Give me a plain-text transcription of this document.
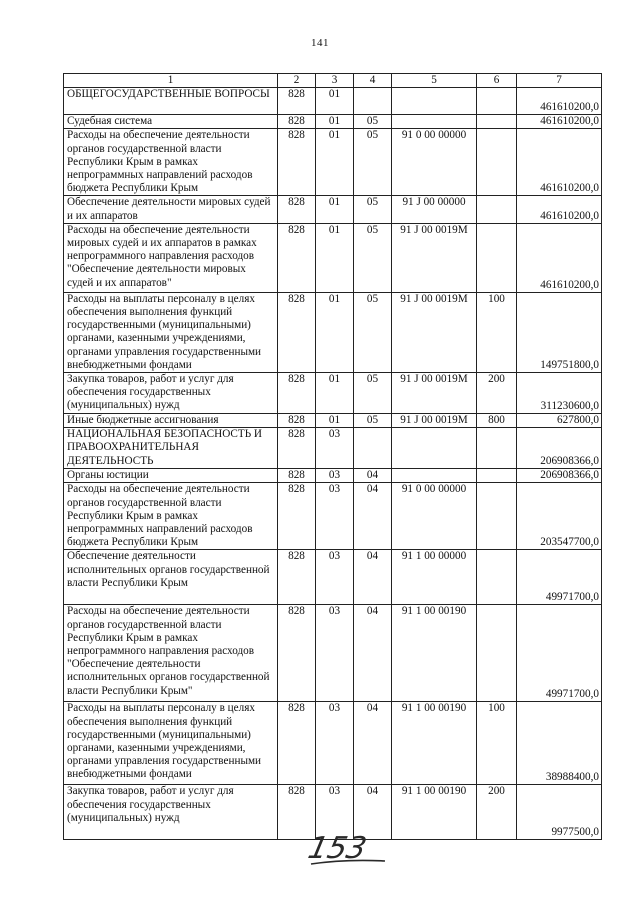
141
1	2	3	4	5	6	7
ОБЩЕГОСУДАРСТВЕННЫЕ ВОПРОСЫ	828	01				461610200,0
Судебная система	828	01	05			461610200,0
Расходы на обеспечение деятельности органов государственной власти Республики Крым в рамках непрограммных направлений расходов бюджета Республики Крым	828	01	05	91 0 00 00000		461610200,0
Обеспечение деятельности мировых судей и их аппаратов	828	01	05	91 J 00 00000		461610200,0
Расходы на обеспечение деятельности мировых судей и их аппаратов в рамках непрограммного направления расходов "Обеспечение деятельности мировых судей и их аппаратов"	828	01	05	91 J 00 0019М		461610200,0
Расходы на выплаты персоналу в целях обеспечения выполнения функций государственными (муниципальными) органами, казенными учреждениями, органами управления государственными внебюджетными фондами	828	01	05	91 J 00 0019М	100	149751800,0
Закупка товаров, работ и услуг для обеспечения государственных (муниципальных) нужд	828	01	05	91 J 00 0019М	200	311230600,0
Иные бюджетные ассигнования	828	01	05	91 J 00 0019М	800	627800,0
НАЦИОНАЛЬНАЯ БЕЗОПАСНОСТЬ И ПРАВООХРАНИТЕЛЬНАЯ ДЕЯТЕЛЬНОСТЬ	828	03				206908366,0
Органы юстиции	828	03	04			206908366,0
Расходы на обеспечение деятельности органов государственной власти Республики Крым в рамках непрограммных направлений расходов бюджета Республики Крым	828	03	04	91 0 00 00000		203547700,0
Обеспечение деятельности исполнительных органов государственной власти Республики Крым	828	03	04	91 1 00 00000		49971700,0
Расходы на обеспечение деятельности органов государственной власти Республики Крым в рамках непрограммного направления расходов "Обеспечение деятельности исполнительных органов государственной власти Республики Крым"	828	03	04	91 1 00 00190		49971700,0
Расходы на выплаты персоналу в целях обеспечения выполнения функций государственными (муниципальными) органами, казенными учреждениями, органами управления государственными внебюджетными фондами	828	03	04	91 1 00 00190	100	38988400,0
Закупка товаров, работ и услуг для обеспечения государственных (муниципальных) нужд	828	03	04	91 1 00 00190	200	9977500,0
153
